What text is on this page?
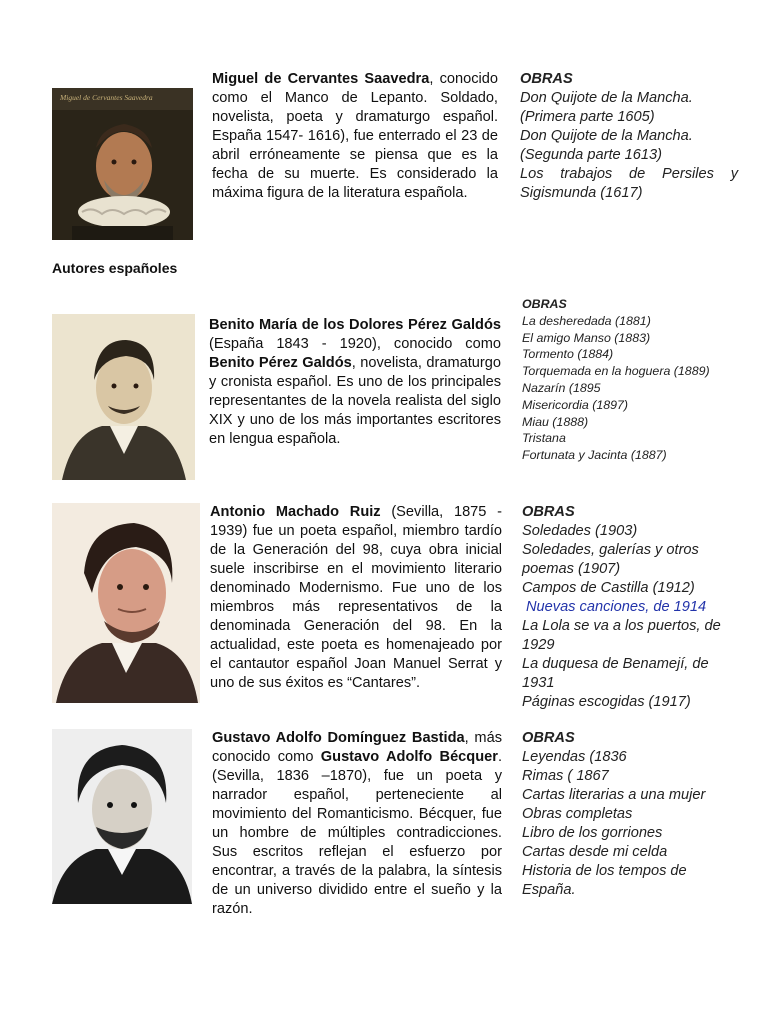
Miguel de Cervantes Saavedra
Miguel de Cervantes Saavedra, conocido como el Manco de Lepanto. Soldado, novelista, poeta y dramaturgo español. España 1547- 1616), fue enterrado el 23 de abril erróneamente se piensa que es la fecha de su muerte. Es considerado la máxima figura de la literatura española.
OBRAS
Don Quijote de la Mancha. (Primera parte 1605)
Don Quijote de la Mancha. (Segunda parte 1613)
Los trabajos de Persiles y Sigismunda (1617)
Autores españoles
Benito María de los Dolores Pérez Galdós (España 1843 - 1920), conocido como Benito Pérez Galdós, novelista, dramaturgo y cronista español. Es uno de los principales representantes de la novela realista del siglo XIX y uno de los más importantes escritores en lengua española.
OBRAS
La desheredada (1881)
El amigo Manso (1883)
Tormento (1884)
Torquemada en la hoguera (1889)
Nazarín (1895
Misericordia (1897)
Miau (1888)
Tristana
Fortunata y Jacinta (1887)
Antonio Machado Ruiz (Sevilla, 1875 - 1939) fue un poeta español, miembro tardío de la Generación del 98, cuya obra inicial suele inscribirse en el movimiento literario denominado Modernismo. Fue uno de los miembros más representativos de la denominada Generación del 98. En la actualidad, este poeta es homenajeado por el cantautor español Joan Manuel Serrat y uno de sus éxitos es “Cantares”.
OBRAS
Soledades (1903)
Soledades, galerías y otros poemas (1907)
Campos de Castilla (1912)
Nuevas canciones, de 1914
La Lola se va a los puertos, de 1929
La duquesa de Benamejí, de 1931
Páginas escogidas (1917)
Gustavo Adolfo Domínguez Bastida, más conocido como Gustavo Adolfo Bécquer. (Sevilla, 1836 –1870), fue un poeta y narrador español, perteneciente al movimiento del Romanticismo. Bécquer, fue un hombre de múltiples contradicciones. Sus escritos reflejan el esfuerzo por encontrar, a través de la palabra, la síntesis de un universo dividido entre el sueño y la razón.
OBRAS
Leyendas (1836
Rimas ( 1867
Cartas literarias a una mujer
Obras completas
Libro de los gorriones
Cartas desde mi celda
Historia de los tempos de España.
